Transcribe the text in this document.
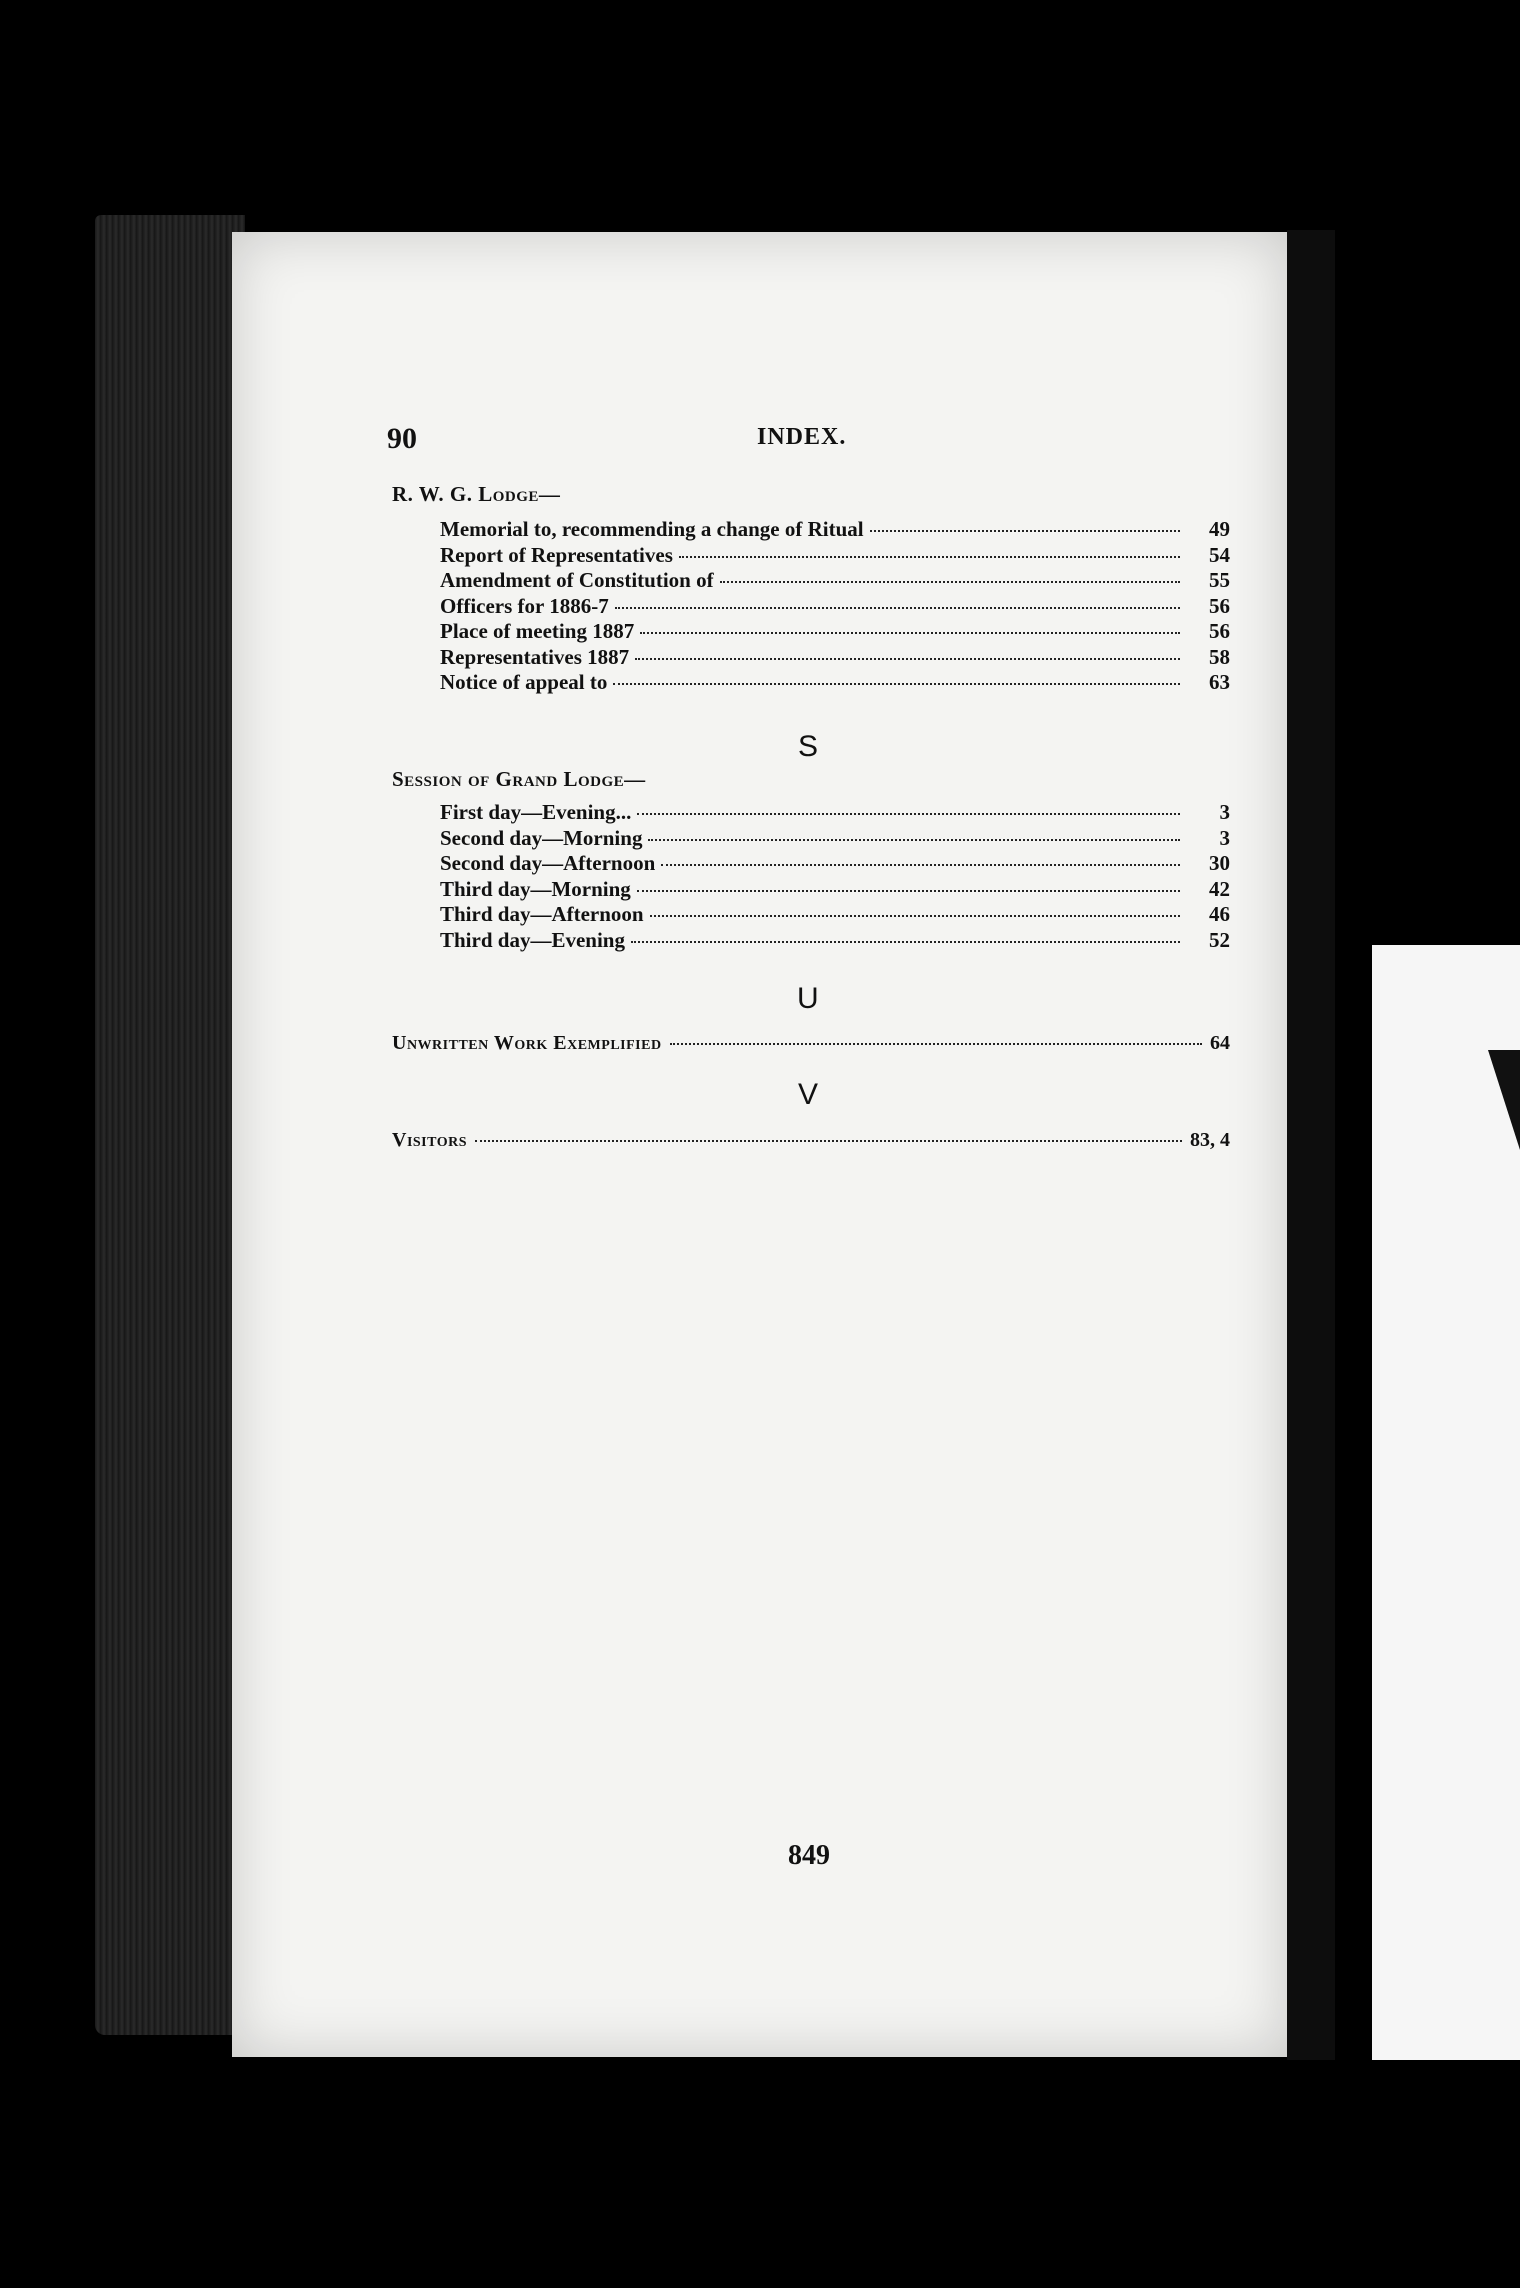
90	INDEX.
R. W. G. Lodge—
Memorial to, recommending a change of Ritual	49
Report of Representatives	54
Amendment of Constitution of	55
Officers for 1886-7	56
Place of meeting 1887	56
Representatives 1887	58
Notice of appeal to	63
S
Session of Grand Lodge—
First day—Evening...	3
Second day—Morning	3
Second day—Afternoon	30
Third day—Morning	42
Third day—Afternoon	46
Third day—Evening	52
U
Unwritten Work Exemplified	64
V
Visitors	83, 4
849
